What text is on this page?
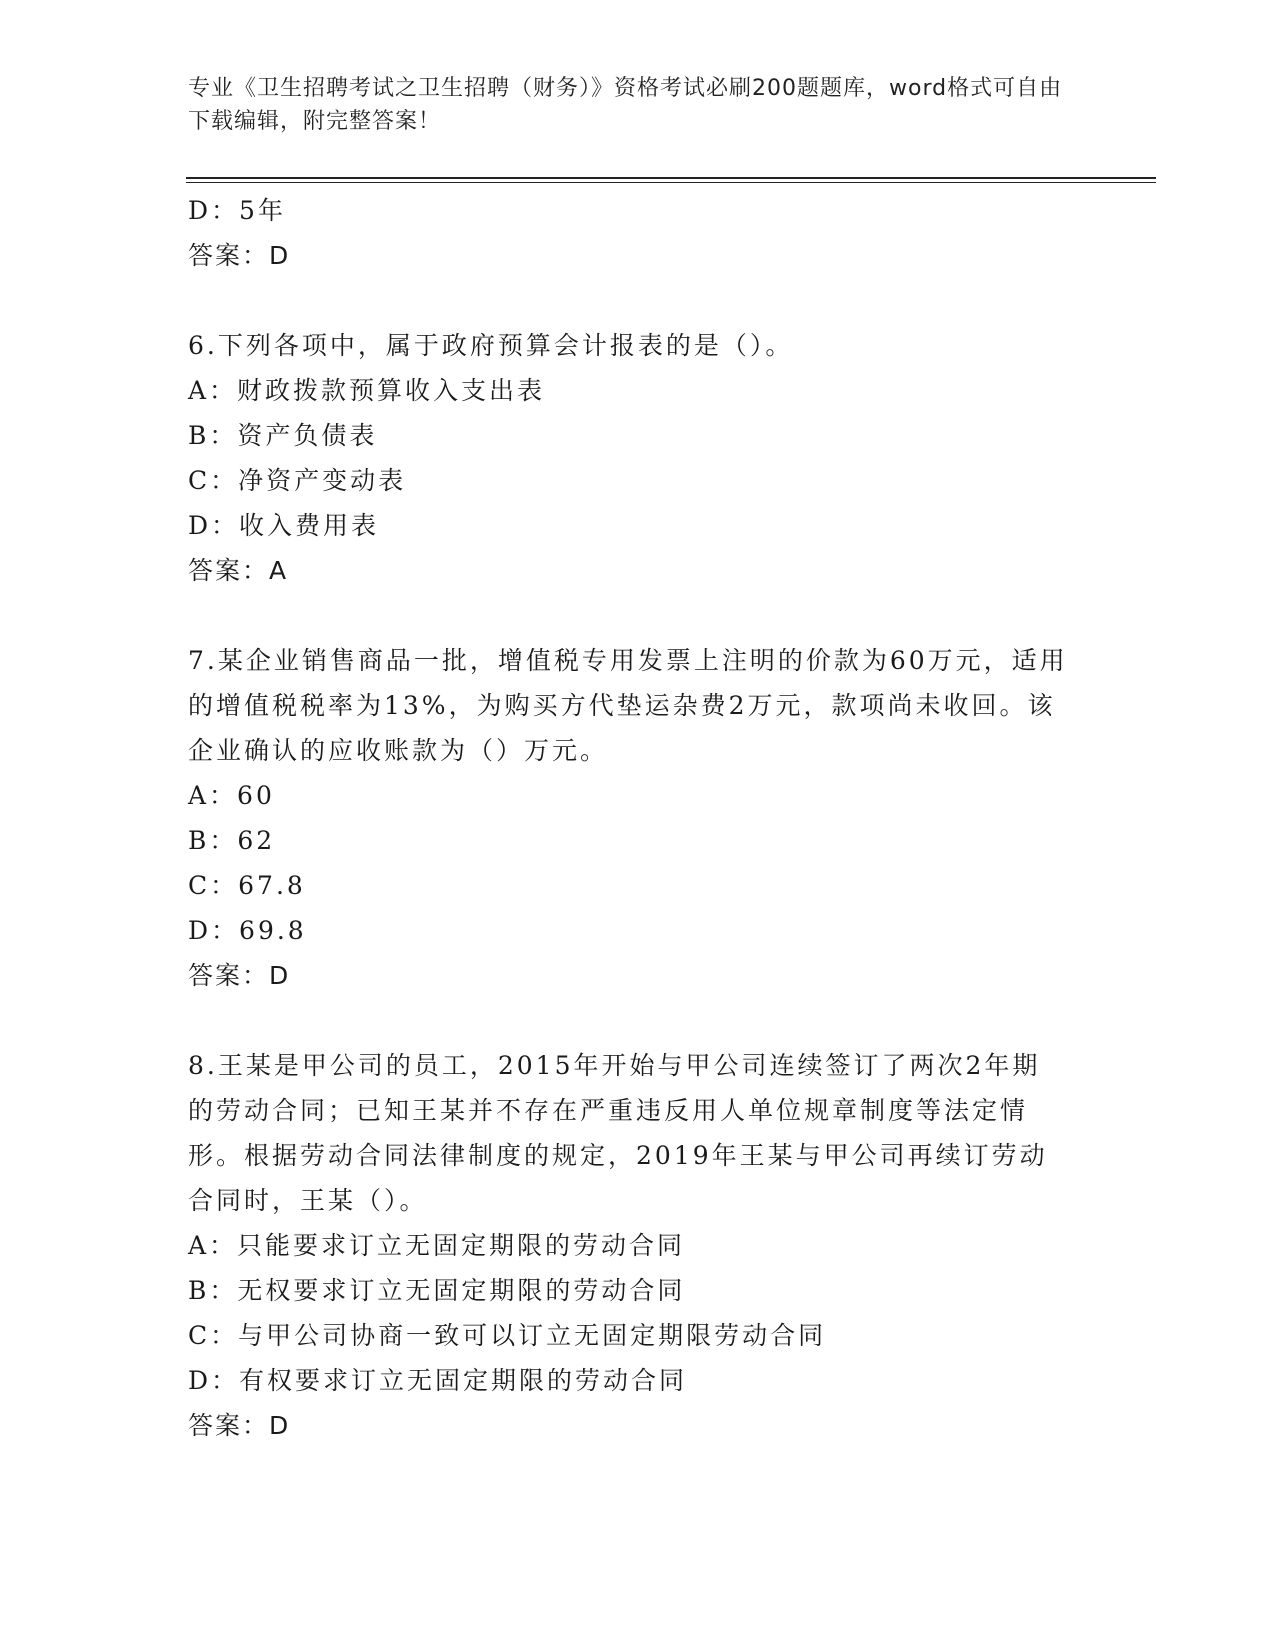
专业《卫生招聘考试之卫生招聘（财务）》资格考试必刷200题题库，word格式可自由下载编辑，附完整答案！
D：5年
答案：D
6.下列各项中，属于政府预算会计报表的是（）。
A：财政拨款预算收入支出表
B：资产负债表
C：净资产变动表
D：收入费用表
答案：A
7.某企业销售商品一批，增值税专用发票上注明的价款为60万元，适用的增值税税率为13%，为购买方代垫运杂费2万元，款项尚未收回。该企业确认的应收账款为（）万元。
A：60
B：62
C：67.8
D：69.8
答案：D
8.王某是甲公司的员工，2015年开始与甲公司连续签订了两次2年期的劳动合同；已知王某并不存在严重违反用人单位规章制度等法定情形。根据劳动合同法律制度的规定，2019年王某与甲公司再续订劳动合同时，王某（）。
A：只能要求订立无固定期限的劳动合同
B：无权要求订立无固定期限的劳动合同
C：与甲公司协商一致可以订立无固定期限劳动合同
D：有权要求订立无固定期限的劳动合同
答案：D
